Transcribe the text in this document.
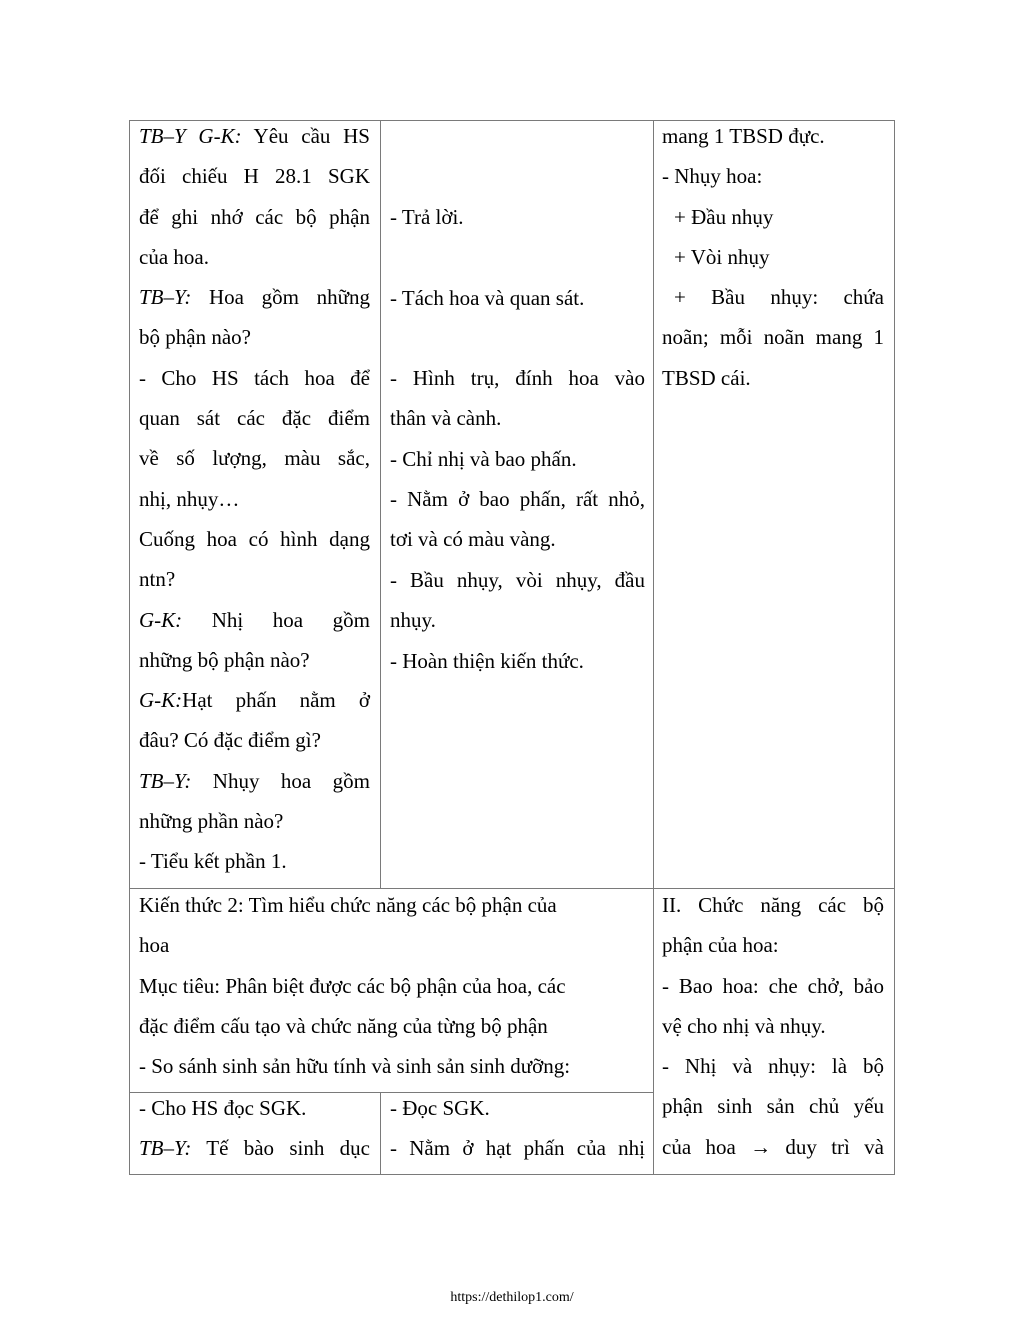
TB–Y G-K: Yêu cầu HS

đối chiếu H 28.1 SGK

để ghi nhớ các bộ phận

của hoa.

TB–Y: Hoa gồm những

bộ phận nào?

- Cho HS tách hoa để

quan sát các đặc điểm

về số lượng, màu sắc,

nhị, nhụy…

Cuống hoa có hình dạng

ntn?

G-K: Nhị hoa gồm

những bộ phận nào?

G-K:Hạt phấn nằm ở

đâu? Có đặc điểm gì?

TB–Y: Nhụy hoa gồm

những phần nào?

- Tiểu kết phần 1.

- Trả lời.

- Tách hoa và quan sát.

- Hình trụ, đính hoa vào

thân và cành.

- Chỉ nhị và bao phấn.

- Nằm ở bao phấn, rất nhỏ,

tơi và có màu vàng.

- Bầu nhụy, vòi nhụy, đầu

nhụy.

- Hoàn thiện kiến thức.

mang 1 TBSD đực.

- Nhụy hoa:

+ Đầu nhụy

+ Vòi nhụy

+ Bầu nhụy: chứa

noãn; mỗi noãn mang 1

TBSD cái.

Kiến thức 2: Tìm hiểu chức năng các bộ phận của

hoa

Mục tiêu: Phân biệt được các bộ phận của hoa, các

đặc điểm cấu tạo và chức năng của từng bộ phận

- So sánh sinh sản hữu tính và sinh sản sinh dưỡng:

II. Chức năng các bộ

phận của hoa:

- Bao hoa: che chở, bảo

vệ cho nhị và nhụy.

- Nhị và nhụy: là bộ

phận sinh sản chủ yếu

của hoa → duy trì và

- Cho HS đọc SGK.

TB–Y: Tế bào sinh dục

- Đọc SGK.

- Nằm ở hạt phấn của nhị

https://dethilop1.com/
